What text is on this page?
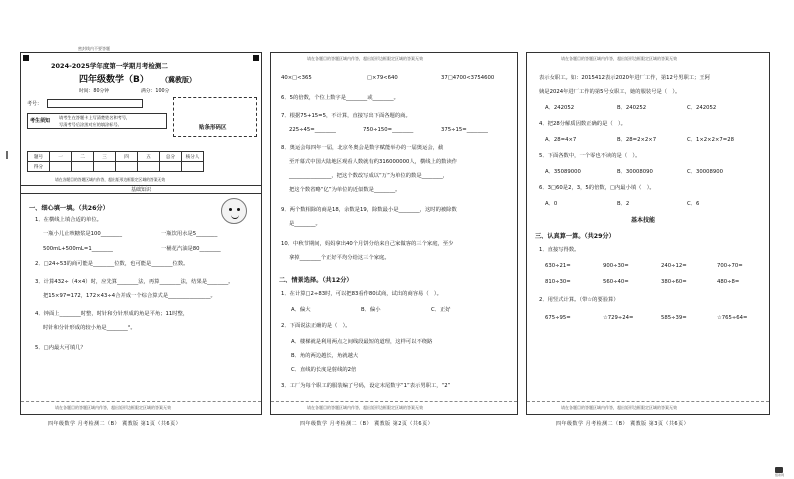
‖
2024-2025学年度第一学期月考检测二
四年级数学（B） （冀教版）
时间：80分钟	满分：100分
考号：
考生须知
请考生在答题卡上写清楚姓名和考号，
写清考号后涂黑对应的填涂标号。
贴条形码区
题号	一	二	三	四	五	总分	核分人
得分							
请在各题目的答题区域内作答，超出矩形边框限定区域的答案无效
基础知识
一、细心填一填。（共26分）
1．在横线上填合适的单位。
一瓶小儿止咳糖浆是100________	一瓶饮用水是5________
500mL+500mL=1________	一桶花汽油是80________
2．□24÷53的商可能是________位数，也可能是________位数。
3．计算432÷（4×4）时，应先算________法，再算________法，结果是________。
把15×97=172，172×43÷4合并成一个综合算式是________________。
4．钟面上________时整，时针和分针形成的角是平角；11时整，
时针和分针形成的较小角是________°。
5．□内最大可填几？
请在各题目的答题区域内作答，超出矩形边框限定区域的答案无效
密封线内不要答题
四年级数学 月考检测二（B） 冀教版 第1页（共6页）
请在各题目的答题区域内作答，超出矩形边框限定区域的答案无效
40×□<365	□×79<640	37□4700<3754600
6．5的倍数，个位上数字是________或________。
7．根据75+15=5，不计算，直接写出下面各题的商。
225÷45=________	750÷150=________	375÷15=________
8．奥运会每四年一届，北京冬奥会是数字赋能举办的一届奥运会，截
至开幕式中国大陆地区观看人数就有约316000000人，横线上的数读作
________________，把这个数改写成以“万”为单位的数是________，
把这个数省略“亿”为单位的近似数是________。
9．两个数相除的商是18，余数是19，除数最小是________，这时的被除数
是________。
10．中秋节期间，妈妈拿出40个月饼分给来自己家做客的三个家庭，至少
拿掉________个正好平均分给这三个家庭。
二、情景选择。（共12分）
1．在计算□2÷83时，可以把83看作80试商，试出的商容易（　）。
A．偏大	B．偏小	C．正好
2．下面说法正确的是（　）。
A．楼梯就是利用两点之间线段最短的道理，这样可以不绕路
B．角的两边越长，角就越大
C．直线的长度是射线的2倍
3．工厂为每个职工的服装编了号码，设定末尾数字“1”表示男职工，“2”
请在各题目的答题区域内作答，超出矩形边框限定区域的答案无效
四年级数学 月考检测二（B） 冀教版 第2页（共6页）
请在各题目的答题区域内作答，超出矩形边框限定区域的答案无效
表示女职工。如：2015412表示2020年进厂工作，第12号男职工；王阿
姨是2024年进厂工作的第5号女职工，她的服装号是（　）。
A．242052	B．240252	C．242052
4．把28分解质因数正确的是（　）。
A．28=4×7	B．28=2×2×7	C．1×2×2×7=28
5．下面各数中，一个零也不读的是（　）。
A．35089000	B．30008090	C．30008900
6．3□60是2，3，5的倍数，□内最小填（　）。
A．0	B．2	C．6
基本技能
三、认真算一算。（共29分）
1．直接写得数。
630÷21=	900÷30=	240÷12=	700÷70=
810÷30=	560÷40=	380÷60=	480÷8=
2．用竖式计算。（带☆的要验算）
675÷95=	☆729÷24=	585÷39=	☆765÷64=
请在各题目的答题区域内作答，超出矩形边框限定区域的答案无效
四年级数学 月考检测二（B） 冀教版 第3页（共6页）
组卷网
